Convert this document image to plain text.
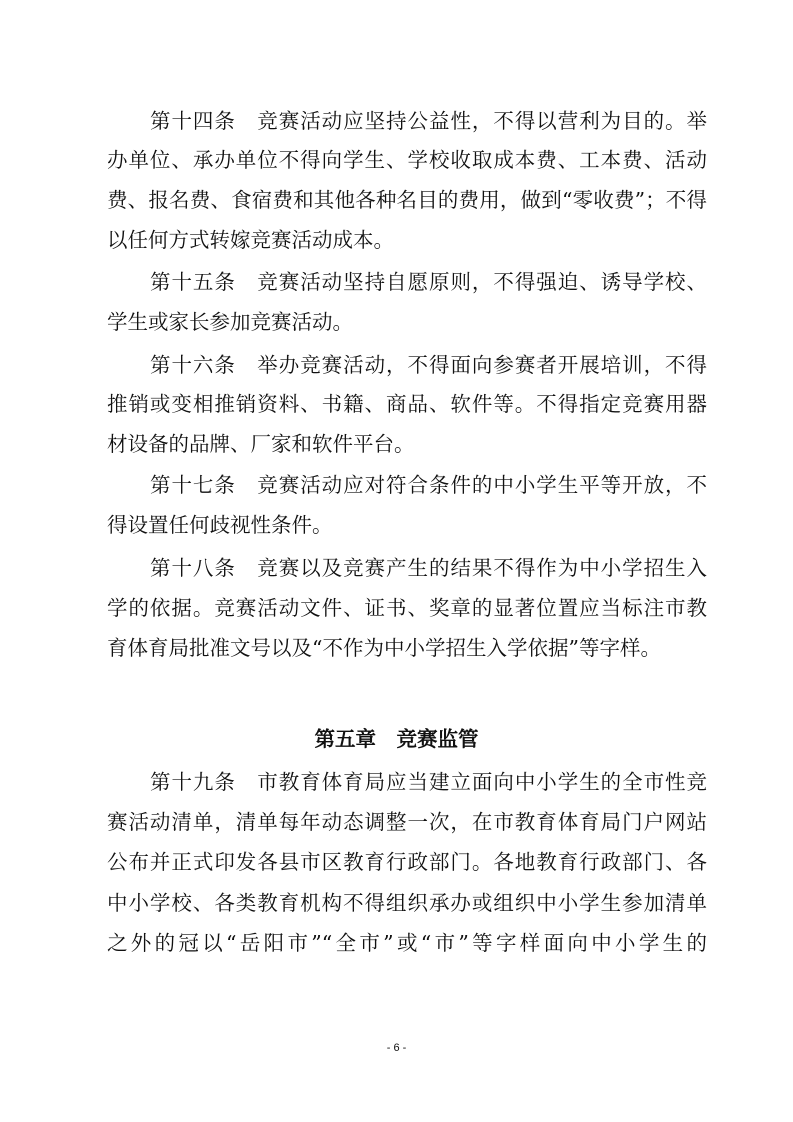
第十四条　竞赛活动应坚持公益性，不得以营利为目的。举
办单位、承办单位不得向学生、学校收取成本费、工本费、活动
费、报名费、食宿费和其他各种名目的费用，做到“零收费”；不得
以任何方式转嫁竞赛活动成本。
第十五条　竞赛活动坚持自愿原则，不得强迫、诱导学校、
学生或家长参加竞赛活动。
第十六条　举办竞赛活动，不得面向参赛者开展培训，不得
推销或变相推销资料、书籍、商品、软件等。不得指定竞赛用器
材设备的品牌、厂家和软件平台。
第十七条　竞赛活动应对符合条件的中小学生平等开放，不
得设置任何歧视性条件。
第十八条　竞赛以及竞赛产生的结果不得作为中小学招生入
学的依据。竞赛活动文件、证书、奖章的显著位置应当标注市教
育体育局批准文号以及“不作为中小学招生入学依据”等字样。
第五章　竞赛监管
第十九条　市教育体育局应当建立面向中小学生的全市性竞
赛活动清单，清单每年动态调整一次，在市教育体育局门户网站
公布并正式印发各县市区教育行政部门。各地教育行政部门、各
中小学校、各类教育机构不得组织承办或组织中小学生参加清单
之外的冠以“岳阳市”“全市”或“市”等字样面向中小学生的
- 6 -
